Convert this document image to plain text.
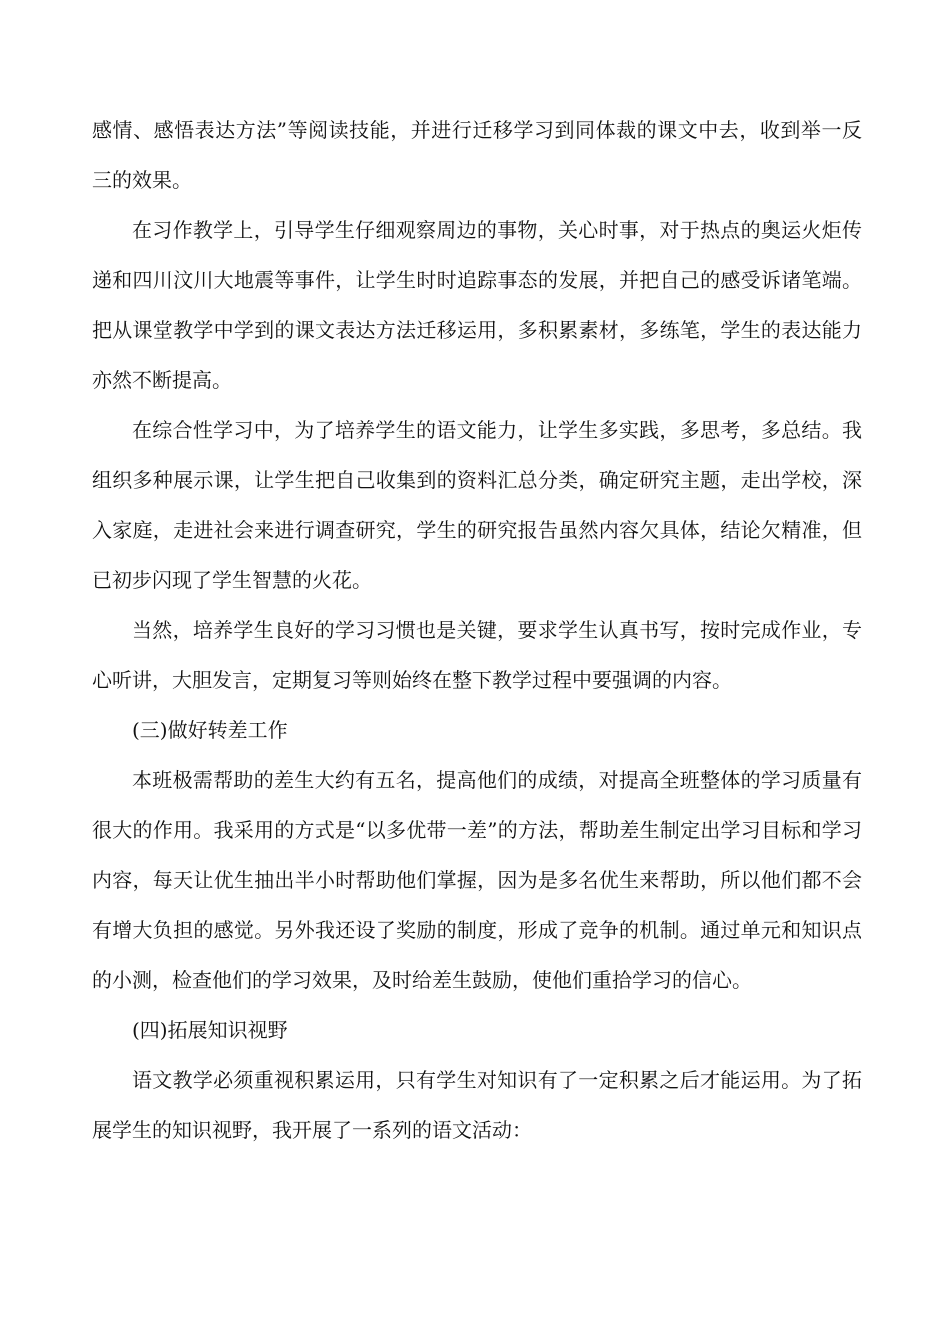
感情、感悟表达方法”等阅读技能，并进行迁移学习到同体裁的课文中去，收到举一反三的效果。

在习作教学上，引导学生仔细观察周边的事物，关心时事，对于热点的奥运火炬传递和四川汶川大地震等事件，让学生时时追踪事态的发展，并把自己的感受诉诸笔端。把从课堂教学中学到的课文表达方法迁移运用，多积累素材，多练笔，学生的表达能力亦然不断提高。

在综合性学习中，为了培养学生的语文能力，让学生多实践，多思考，多总结。我组织多种展示课，让学生把自己收集到的资料汇总分类，确定研究主题，走出学校，深入家庭，走进社会来进行调查研究，学生的研究报告虽然内容欠具体，结论欠精准，但已初步闪现了学生智慧的火花。

当然，培养学生良好的学习习惯也是关键，要求学生认真书写，按时完成作业，专心听讲，大胆发言，定期复习等则始终在整下教学过程中要强调的内容。

(三)做好转差工作

本班极需帮助的差生大约有五名，提高他们的成绩，对提高全班整体的学习质量有很大的作用。我采用的方式是“以多优带一差”的方法，帮助差生制定出学习目标和学习内容，每天让优生抽出半小时帮助他们掌握，因为是多名优生来帮助，所以他们都不会有增大负担的感觉。另外我还设了奖励的制度，形成了竞争的机制。通过单元和知识点的小测，检查他们的学习效果，及时给差生鼓励，使他们重拾学习的信心。

(四)拓展知识视野

语文教学必须重视积累运用，只有学生对知识有了一定积累之后才能运用。为了拓展学生的知识视野，我开展了一系列的语文活动：
